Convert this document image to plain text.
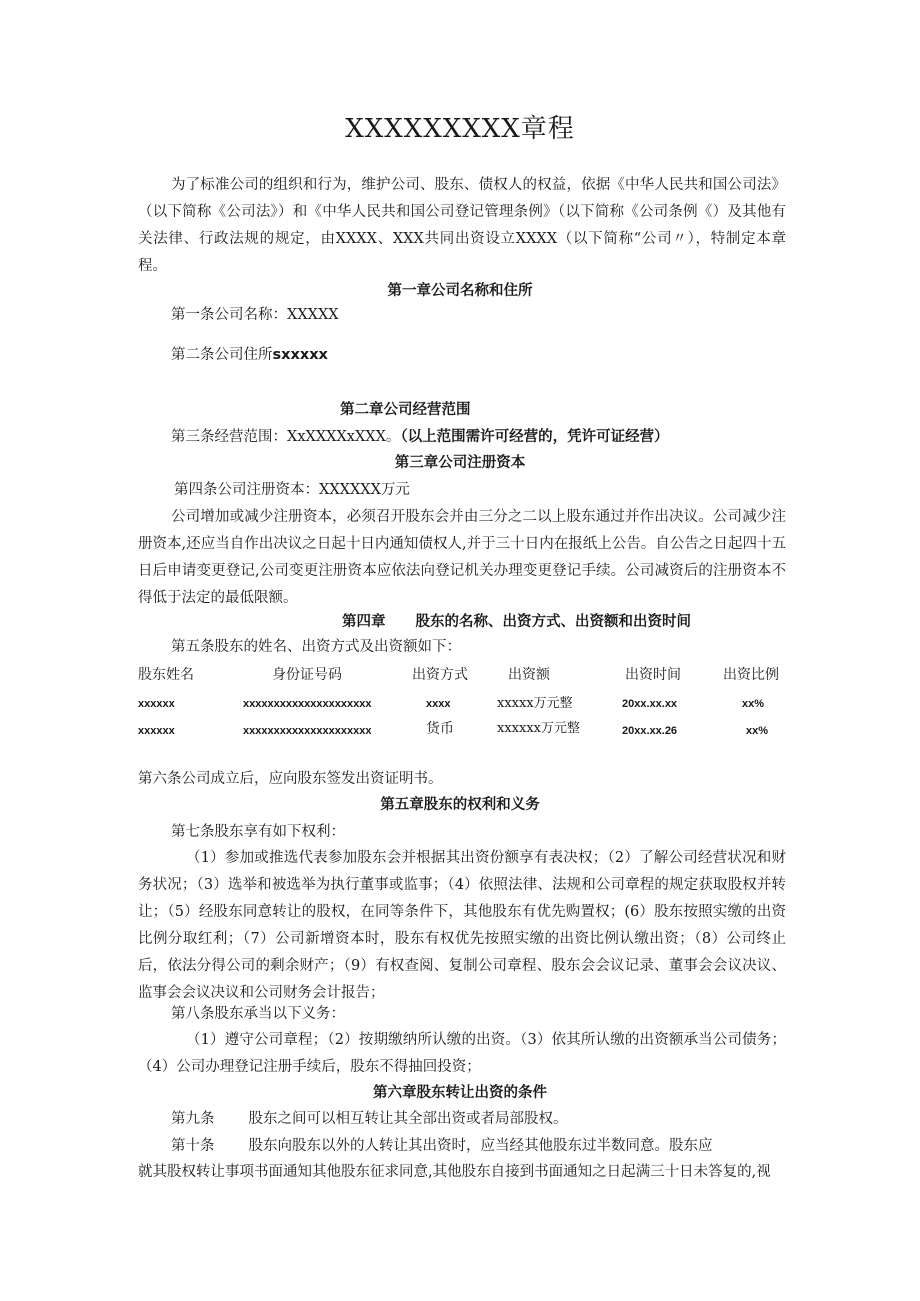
XXXXXXXXX章程
为了标准公司的组织和行为，维护公司、股东、债权人的权益，依据《中华人民共和国公司法》（以下简称《公司法》）和《中华人民共和国公司登记管理条例》（以下简称《公司条例《）及其他有关法律、行政法规的规定，由XXXX、XXX共同出资设立XXXX（以下简称“公司〃），特制定本章程。
第一章公司名称和住所
第一条公司名称：XXXXX
第二条公司住所sxxxxx
第二章公司经营范围
第三条经营范围：XxXXXXxXXX。（以上范围需许可经营的，凭许可证经营）
第三章公司注册资本
第四条公司注册资本：XXXXXX万元
公司增加或减少注册资本，必须召开股东会并由三分之二以上股东通过并作出决议。公司减少注册资本,还应当自作出决议之日起十日内通知债权人,并于三十日内在报纸上公告。自公告之日起四十五日后申请变更登记,公司变更注册资本应依法向登记机关办理变更登记手续。公司减资后的注册资本不得低于法定的最低限额。
第四章 股东的名称、出资方式、出资额和出资时间
第五条股东的姓名、出资方式及出资额如下：
股东姓名	身份证号码	出资方式	出资额	出资时间	出资比例
xxxxxx	xxxxxxxxxxxxxxxxxxxxx	xxxx	xxxxx万元整	20xx.xx.xx	xx%
xxxxxx	xxxxxxxxxxxxxxxxxxxxx	货币	xxxxxx万元整	20xx.xx.26	xx%
第六条公司成立后，应向股东签发出资证明书。
第五章股东的权利和义务
第七条股东享有如下权利：
（1）参加或推选代表参加股东会并根据其出资份额享有表决权；（2）了解公司经营状况和财务状况；（3）选举和被选举为执行董事或监事；（4）依照法律、法规和公司章程的规定获取股权并转让；（5）经股东同意转让的股权，在同等条件下，其他股东有优先购置权；(6）股东按照实缴的出资比例分取红利；（7）公司新增资本时，股东有权优先按照实缴的出资比例认缴出资；（8）公司终止后，依法分得公司的剩余财产；（9）有权查阅、复制公司章程、股东会会议记录、董事会会议决议、监事会会议决议和公司财务会计报告；
第八条股东承当以下义务：
（1）遵守公司章程；（2）按期缴纳所认缴的出资。（3）依其所认缴的出资额承当公司债务；（4）公司办理登记注册手续后，股东不得抽回投资；
第六章股东转让出资的条件
第九条 股东之间可以相互转让其全部出资或者局部股权。
第十条 股东向股东以外的人转让其出资时，应当经其他股东过半数同意。股东应
就其股权转让事项书面通知其他股东征求同意,其他股东自接到书面通知之日起满三十日未答复的,视
